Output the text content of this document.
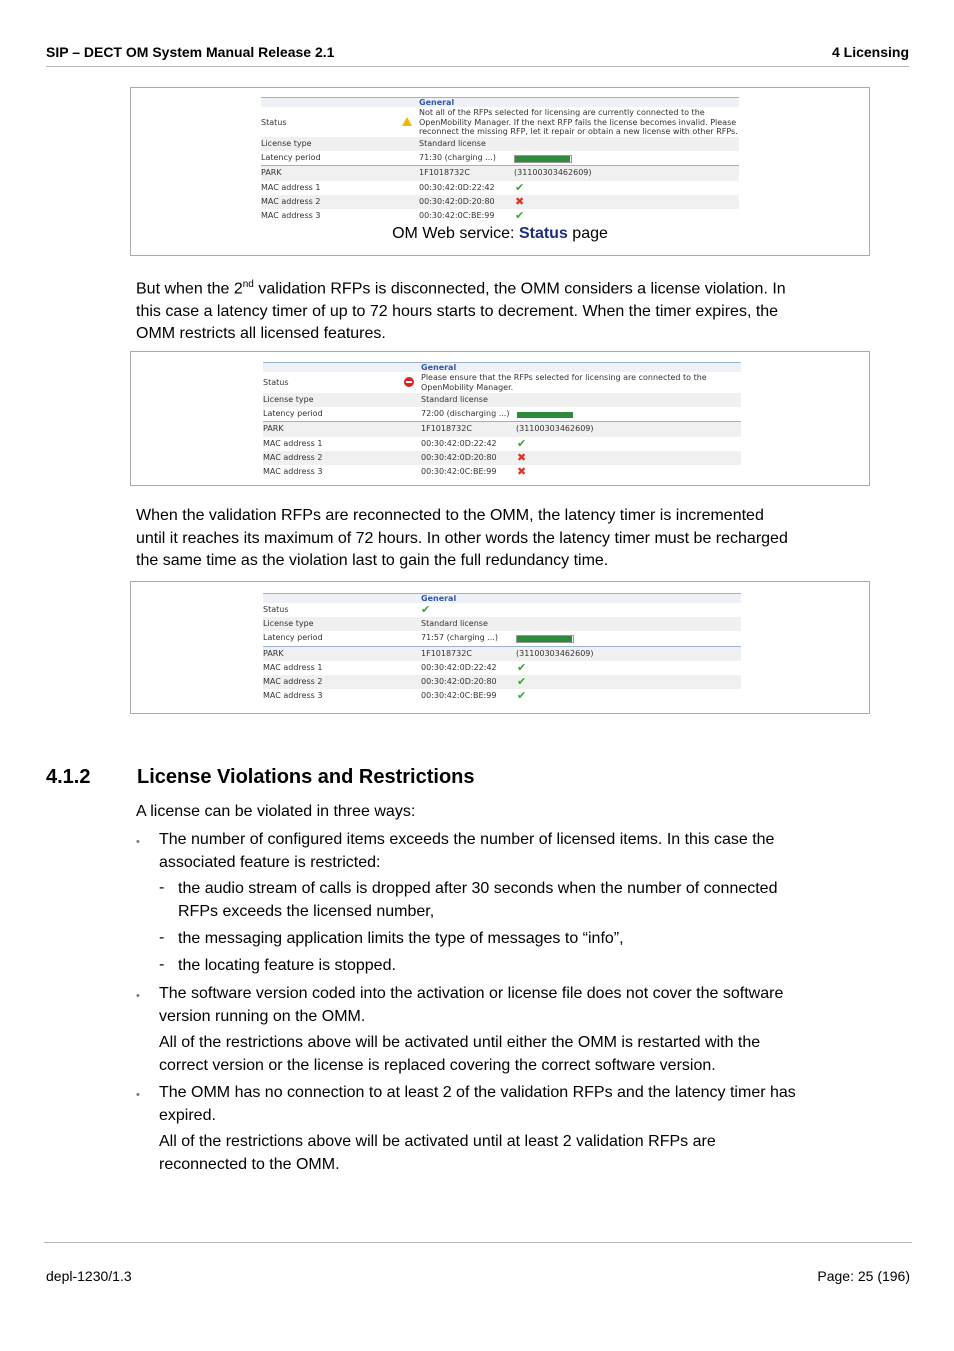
SIP – DECT OM System Manual Release 2.1	4 Licensing
General
Status
Not all of the RFPs selected for licensing are currently connected to the
OpenMobility Manager. If the next RFP fails the license becomes invalid. Please
reconnect the missing RFP, let it repair or obtain a new license with other RFPs.
License type	Standard license
Latency period	71:30 (charging ...)
PARK	1F1018732C	(31100303462609)
MAC address 1	00:30:42:0D:22:42 ✔
MAC address 2	00:30:42:0D:20:80 ✖
MAC address 3	00:30:42:0C:BE:99 ✔
OM Web service: Status page
But when the 2nd validation RFPs is disconnected, the OMM considers a license violation. In
this case a latency timer of up to 72 hours starts to decrement. When the timer expires, the
OMM restricts all licensed features.
General
Status
Please ensure that the RFPs selected for licensing are connected to the
OpenMobility Manager.
License type	Standard license
Latency period	72:00 (discharging ...)
PARK	1F1018732C	(31100303462609)
MAC address 1	00:30:42:0D:22:42 ✔
MAC address 2	00:30:42:0D:20:80 ✖
MAC address 3	00:30:42:0C:BE:99 ✖
When the validation RFPs are reconnected to the OMM, the latency timer is incremented
until it reaches its maximum of 72 hours. In other words the latency timer must be recharged
the same time as the violation last to gain the full redundancy time.
General
Status	✔
License type	Standard license
Latency period	71:57 (charging ...)
PARK	1F1018732C	(31100303462609)
MAC address 1	00:30:42:0D:22:42 ✔
MAC address 2	00:30:42:0D:20:80 ✔
MAC address 3	00:30:42:0C:BE:99 ✔
4.1.2 License Violations and Restrictions
A license can be violated in three ways:
• The number of configured items exceeds the number of licensed items. In this case the
associated feature is restricted:
- the audio stream of calls is dropped after 30 seconds when the number of connected
RFPs exceeds the licensed number,
- the messaging application limits the type of messages to “info”,
- the locating feature is stopped.
• The software version coded into the activation or license file does not cover the software
version running on the OMM.
All of the restrictions above will be activated until either the OMM is restarted with the
correct version or the license is replaced covering the correct software version.
• The OMM has no connection to at least 2 of the validation RFPs and the latency timer has
expired.
All of the restrictions above will be activated until at least 2 validation RFPs are
reconnected to the OMM.
depl-1230/1.3	Page: 25 (196)
